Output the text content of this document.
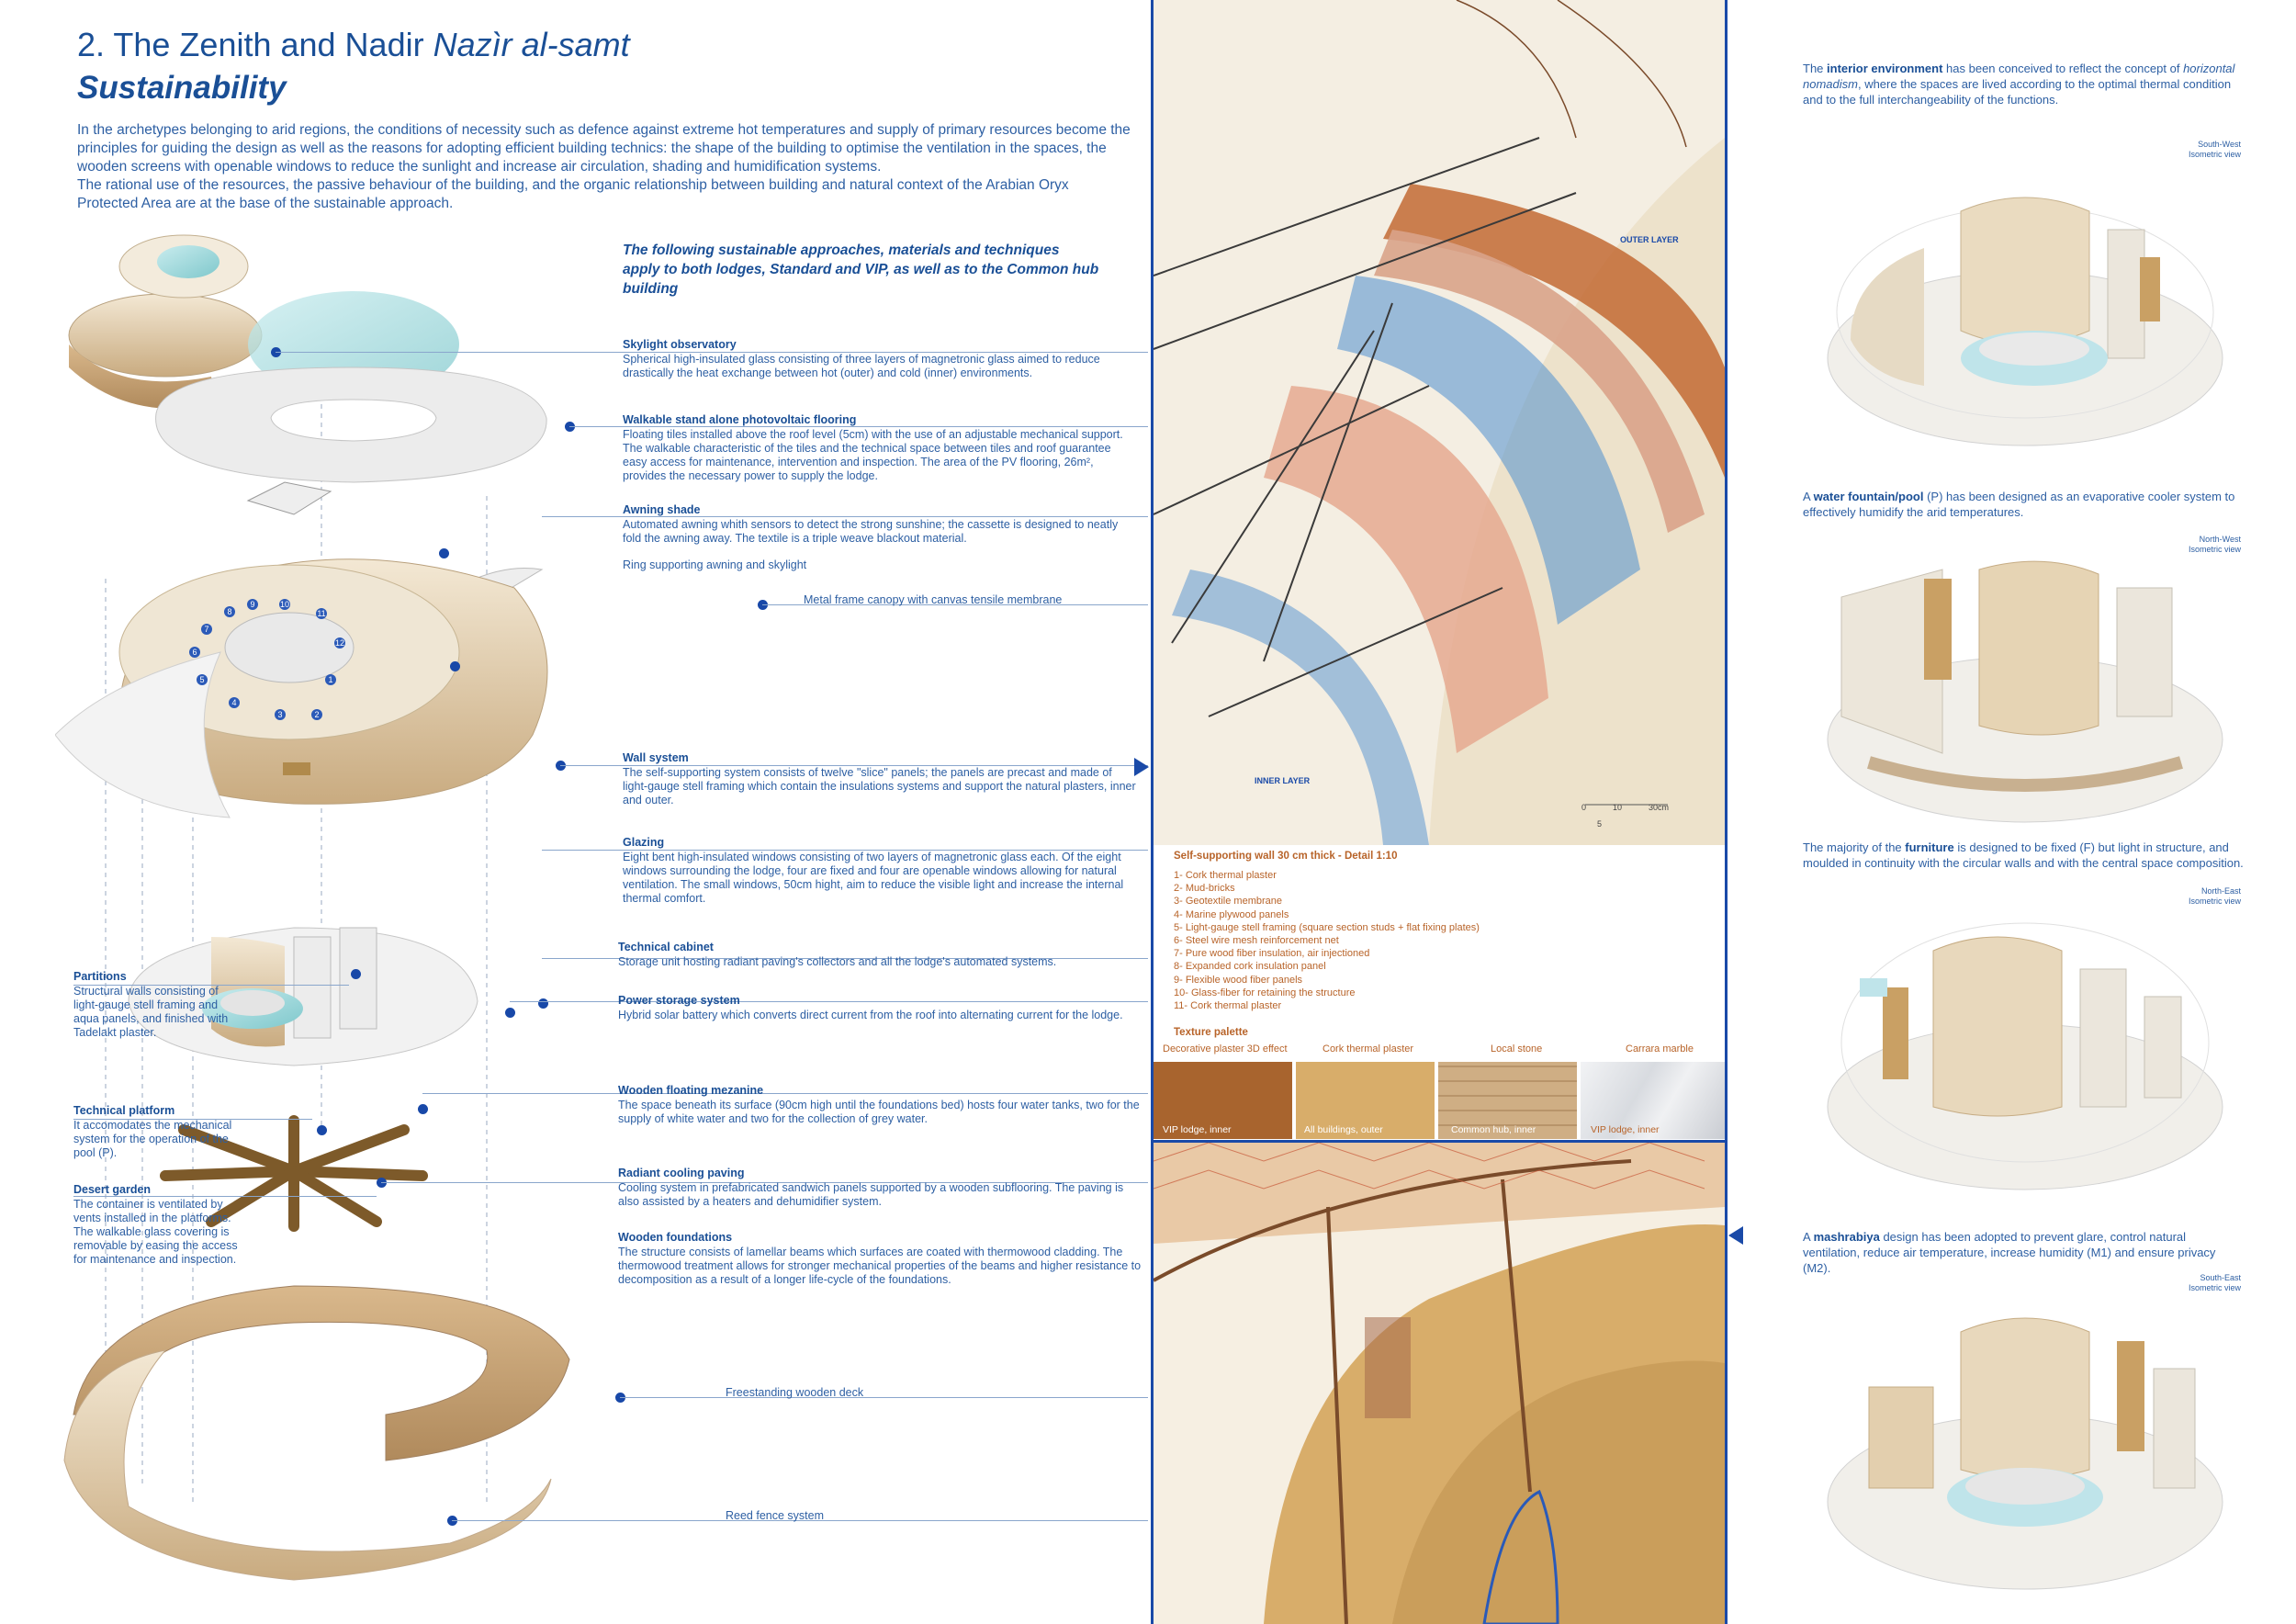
2. The Zenith and Nadir Nazìr al-samt
Sustainability

In the archetypes belonging to arid regions, the conditions of necessity such as defence against extreme hot temperatures and supply of primary resources become the principles for guiding the design as well as the reasons for adopting efficient building technics: the shape of the building to optimise the ventilation in the spaces, the wooden screens with openable windows to reduce the sunlight and increase air circulation, shading and humidification systems.

The rational use of the resources, the passive behaviour of the building, and the organic relationship between building and natural context of the Arabian Oryx Protected Area are at the base of the sustainable approach.

The following sustainable approaches, materials and techniques apply to both lodges, Standard and VIP, as well as to the Common hub building
1
2
3
4
5
6
7
8
9	10
11
12
Skylight observatory
Spherical high-insulated glass consisting of three layers of magnetronic glass aimed to reduce drastically the heat exchange between hot (outer) and cold (inner) environments.
Walkable stand alone photovoltaic flooring
Floating tiles installed above the roof level (5cm) with the use of an adjustable mechanical support. The walkable characteristic of the tiles and the technical space between tiles and roof guarantee easy access for maintenance, intervention and inspection. The area of the PV flooring, 26m², provides the necessary power to supply the lodge.
Awning shade
Automated awning whith sensors to detect the strong sunshine; the cassette is designed to neatly fold the awning away. The textile is a triple weave blackout material.
Ring supporting awning and skylight
Metal frame canopy with canvas tensile membrane
Wall system
The self-supporting system consists of twelve "slice" panels; the panels are precast and made of light-gauge stell framing which contain the insulations systems and support the natural plasters, inner and outer.
Glazing
Eight bent high-insulated windows consisting of two layers of magnetronic glass each. Of the eight windows surrounding the lodge, four are fixed and four are openable windows allowing for natural ventilation. The small windows, 50cm hight, aim to reduce the visible light and increase the internal thermal comfort.
Technical cabinet
Storage unit hosting radiant paving's collectors and all the lodge's automated systems.
Power storage system
Hybrid solar battery which converts direct current from the roof into alternating current for the lodge.
Wooden floating mezanine
The space beneath its surface (90cm high until the foundations bed) hosts four water tanks, two for the supply of white water and two for the collection of grey water.
Radiant cooling paving
Cooling system in prefabricated sandwich panels supported by a wooden subflooring. The paving is also assisted by a heaters and dehumidifier system.
Wooden foundations
The structure consists of lamellar beams which surfaces are coated with thermowood cladding. The thermowood treatment allows for stronger mechanical properties of the beams and higher resistance to decomposition as a result of a longer life-cycle of the foundations.
Freestanding wooden deck
Reed fence system
Partitions
Structural walls consisting of light-gauge stell framing and aqua panels, and finished with Tadelakt plaster.
Technical platform
It accomodates the mechanical system for the operation of the pool (P).
Desert garden
The container is ventilated by vents installed in the platforms. The walkable glass covering is removable by easing the access for maintenance and inspection.
OUTER LAYER
INNER LAYER
0	10	30cm
5
Self-supporting wall 30 cm thick - Detail 1:10
1- Cork thermal plaster
2- Mud-bricks
3- Geotextile membrane
4- Marine plywood panels
5- Light-gauge stell framing (square section studs + flat fixing plates)
6- Steel wire mesh reinforcement net
7- Pure wood fiber insulation, air injectioned
8- Expanded cork insulation panel
9- Flexible wood fiber panels
10- Glass-fiber for retaining the structure
11- Cork thermal plaster
Texture palette
Decorative plaster 3D effect	Cork thermal plaster	Local stone	Carrara marble
VIP lodge, inner	All buildings, outer	Common hub, inner	VIP lodge, inner
The interior environment has been conceived to reflect the concept of horizontal nomadism, where the spaces are lived according to the optimal thermal condition and to the full interchangeability of the functions.
A water fountain/pool (P) has been designed as an evaporative cooler system to effectively humidify the arid temperatures.
The majority of the furniture is designed to be fixed (F) but light in structure, and moulded in continuity with the circular walls and with the central space composition.
A mashrabiya design has been adopted to prevent glare, control natural ventilation, reduce air temperature, increase humidity (M1) and ensure privacy (M2).
South-West
Isometric view
North-West
Isometric view
North-East
Isometric view
South-East
Isometric view
